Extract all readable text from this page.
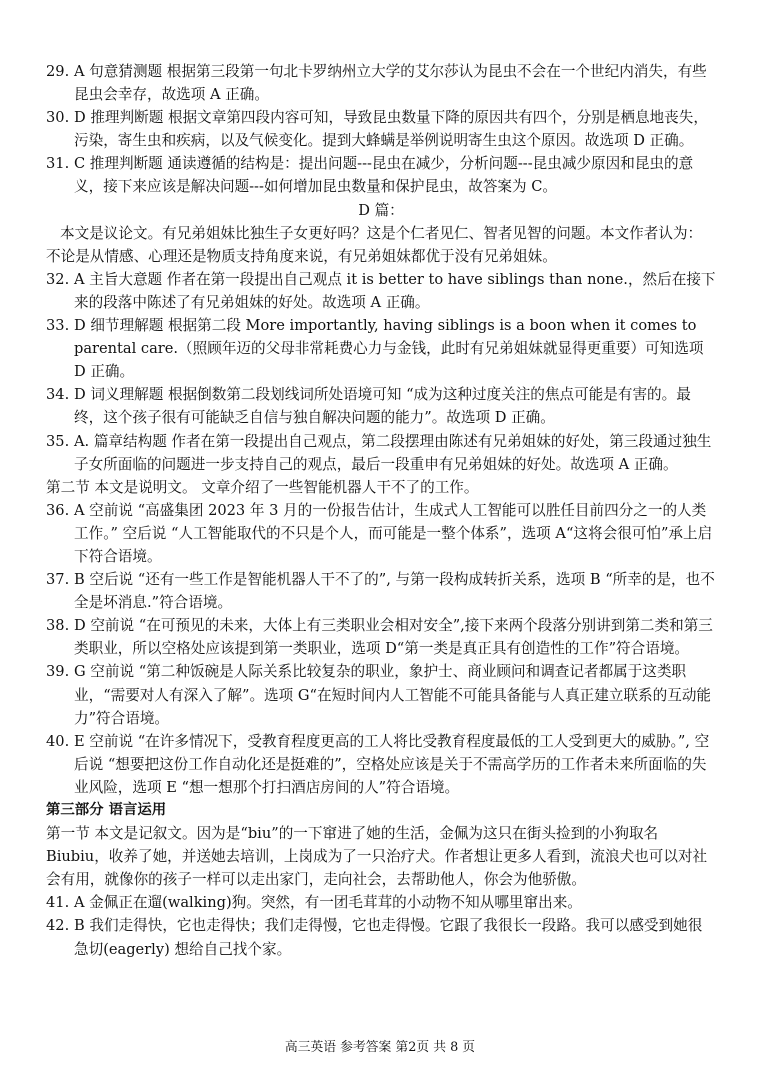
29. A 句意猜测题 根据第三段第一句北卡罗纳州立大学的艾尔莎认为昆虫不会在一个世纪内消失，有些昆虫会幸存，故选项 A 正确。
30. D 推理判断题 根据文章第四段内容可知，导致昆虫数量下降的原因共有四个，分别是栖息地丧失，污染，寄生虫和疾病，以及气候变化。提到大蜂螨是举例说明寄生虫这个原因。故选项 D 正确。
31. C 推理判断题 通读遵循的结构是：提出问题---昆虫在减少，分析问题---昆虫减少原因和昆虫的意义，接下来应该是解决问题---如何增加昆虫数量和保护昆虫，故答案为 C。
D 篇：
本文是议论文。有兄弟姐妹比独生子女更好吗？这是个仁者见仁、智者见智的问题。本文作者认为：不论是从情感、心理还是物质支持角度来说，有兄弟姐妹都优于没有兄弟姐妹。
32. A 主旨大意题 作者在第一段提出自己观点 it is better to have siblings than none.，然后在接下来的段落中陈述了有兄弟姐妹的好处。故选项 A 正确。
33. D 细节理解题 根据第二段 More importantly, having siblings is a boon when it comes to parental care.（照顾年迈的父母非常耗费心力与金钱，此时有兄弟姐妹就显得更重要）可知选项 D 正确。
34. D 词义理解题 根据倒数第二段划线词所处语境可知 “成为这种过度关注的焦点可能是有害的。最终，这个孩子很有可能缺乏自信与独自解决问题的能力”。故选项 D 正确。
35. A. 篇章结构题 作者在第一段提出自己观点，第二段摆理由陈述有兄弟姐妹的好处，第三段通过独生子女所面临的问题进一步支持自己的观点，最后一段重申有兄弟姐妹的好处。故选项 A 正确。
第二节 本文是说明文。 文章介绍了一些智能机器人干不了的工作。
36. A 空前说 “高盛集团 2023 年 3 月的一份报告估计，生成式人工智能可以胜任目前四分之一的人类工作。” 空后说 “人工智能取代的不只是个人，而可能是一整个体系”，选项 A“这将会很可怕”承上启下符合语境。
37. B 空后说 “还有一些工作是智能机器人干不了的”, 与第一段构成转折关系，选项 B “所幸的是，也不全是坏消息.”符合语境。
38. D 空前说 “在可预见的未来，大体上有三类职业会相对安全”,接下来两个段落分别讲到第二类和第三类职业，所以空格处应该提到第一类职业，选项 D“第一类是真正具有创造性的工作”符合语境。
39. G 空前说 “第二种饭碗是人际关系比较复杂的职业，象护士、商业顾问和调查记者都属于这类职业，“需要对人有深入了解”。选项 G“在短时间内人工智能不可能具备能与人真正建立联系的互动能力”符合语境。
40. E 空前说 “在许多情况下，受教育程度更高的工人将比受教育程度最低的工人受到更大的威胁。”, 空后说 “想要把这份工作自动化还是挺难的”，空格处应该是关于不需高学历的工作者未来所面临的失业风险，选项 E “想一想那个打扫酒店房间的人”符合语境。
第三部分 语言运用
第一节 本文是记叙文。因为是“biu”的一下窜进了她的生活，金佩为这只在街头捡到的小狗取名 Biubiu，收养了她，并送她去培训，上岗成为了一只治疗犬。作者想让更多人看到，流浪犬也可以对社会有用，就像你的孩子一样可以走出家门，走向社会，去帮助他人，你会为他骄傲。
41. A 金佩正在遛(walking)狗。突然，有一团毛茸茸的小动物不知从哪里窜出来。
42. B 我们走得快，它也走得快；我们走得慢，它也走得慢。它跟了我很长一段路。我可以感受到她很急切(eagerly) 想给自己找个家。
高三英语 参考答案 第2页 共 8 页
